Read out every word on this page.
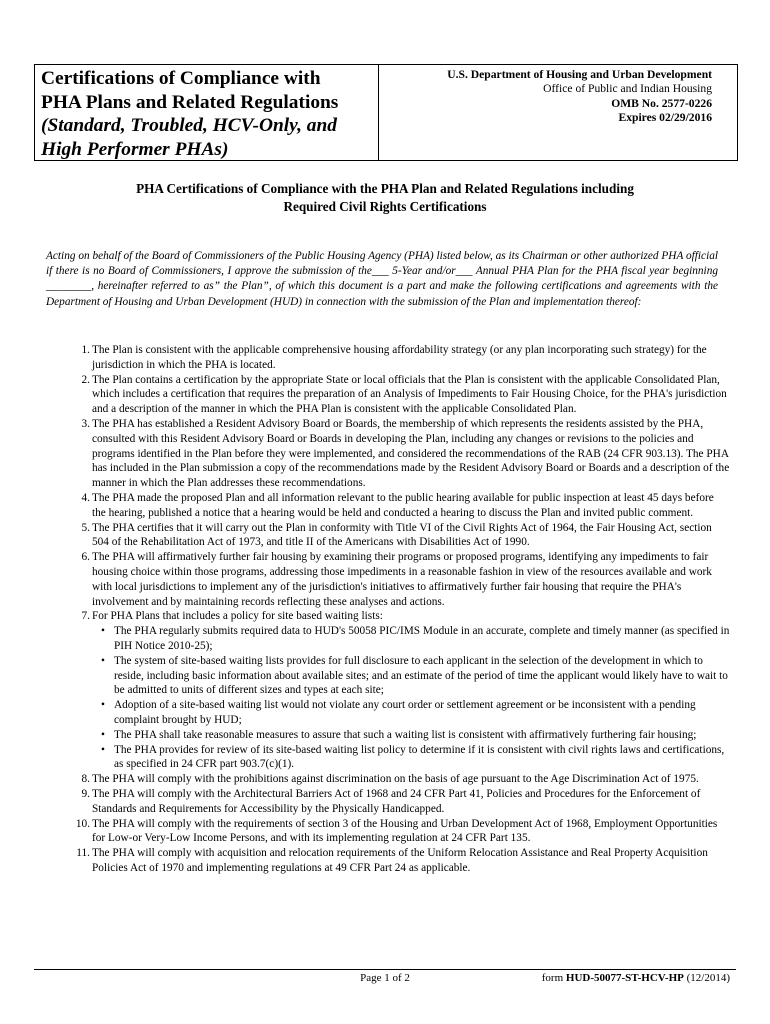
Certifications of Compliance with
PHA Plans and Related Regulations
(Standard, Troubled, HCV-Only, and
High Performer PHAs)
U.S. Department of Housing and Urban Development
Office of Public and Indian Housing
OMB No. 2577-0226
Expires 02/29/2016
PHA Certifications of Compliance with the PHA Plan and Related Regulations including
Required Civil Rights Certifications
Acting on behalf of the Board of Commissioners of the Public Housing Agency (PHA) listed below, as its Chairman or other authorized PHA official if there is no Board of Commissioners, I approve the submission of the___ 5-Year and/or___ Annual PHA Plan for the PHA fiscal year beginning ________, hereinafter referred to as” the Plan”, of which this document is a part and make the following certifications and agreements with the Department of Housing and Urban Development (HUD) in connection with the submission of the Plan and implementation thereof:
1. The Plan is consistent with the applicable comprehensive housing affordability strategy (or any plan incorporating such strategy) for the jurisdiction in which the PHA is located.
2. The Plan contains a certification by the appropriate State or local officials that the Plan is consistent with the applicable Consolidated Plan, which includes a certification that requires the preparation of an Analysis of Impediments to Fair Housing Choice, for the PHA's jurisdiction and a description of the manner in which the PHA Plan is consistent with the applicable Consolidated Plan.
3. The PHA has established a Resident Advisory Board or Boards, the membership of which represents the residents assisted by the PHA, consulted with this Resident Advisory Board or Boards in developing the Plan, including any changes or revisions to the policies and programs identified in the Plan before they were implemented, and considered the recommendations of the RAB (24 CFR 903.13). The PHA has included in the Plan submission a copy of the recommendations made by the Resident Advisory Board or Boards and a description of the manner in which the Plan addresses these recommendations.
4. The PHA made the proposed Plan and all information relevant to the public hearing available for public inspection at least 45 days before the hearing, published a notice that a hearing would be held and conducted a hearing to discuss the Plan and invited public comment.
5. The PHA certifies that it will carry out the Plan in conformity with Title VI of the Civil Rights Act of 1964, the Fair Housing Act, section 504 of the Rehabilitation Act of 1973, and title II of the Americans with Disabilities Act of 1990.
6. The PHA will affirmatively further fair housing by examining their programs or proposed programs, identifying any impediments to fair housing choice within those programs, addressing those impediments in a reasonable fashion in view of the resources available and work with local jurisdictions to implement any of the jurisdiction's initiatives to affirmatively further fair housing that require the PHA's involvement and by maintaining records reflecting these analyses and actions.
7. For PHA Plans that includes a policy for site based waiting lists:
• The PHA regularly submits required data to HUD's 50058 PIC/IMS Module in an accurate, complete and timely manner (as specified in PIH Notice 2010-25);
• The system of site-based waiting lists provides for full disclosure to each applicant in the selection of the development in which to reside, including basic information about available sites; and an estimate of the period of time the applicant would likely have to wait to be admitted to units of different sizes and types at each site;
• Adoption of a site-based waiting list would not violate any court order or settlement agreement or be inconsistent with a pending complaint brought by HUD;
• The PHA shall take reasonable measures to assure that such a waiting list is consistent with affirmatively furthering fair housing;
• The PHA provides for review of its site-based waiting list policy to determine if it is consistent with civil rights laws and certifications, as specified in 24 CFR part 903.7(c)(1).
8. The PHA will comply with the prohibitions against discrimination on the basis of age pursuant to the Age Discrimination Act of 1975.
9. The PHA will comply with the Architectural Barriers Act of 1968 and 24 CFR Part 41, Policies and Procedures for the Enforcement of Standards and Requirements for Accessibility by the Physically Handicapped.
10. The PHA will comply with the requirements of section 3 of the Housing and Urban Development Act of 1968, Employment Opportunities for Low-or Very-Low Income Persons, and with its implementing regulation at 24 CFR Part 135.
11. The PHA will comply with acquisition and relocation requirements of the Uniform Relocation Assistance and Real Property Acquisition Policies Act of 1970 and implementing regulations at 49 CFR Part 24 as applicable.
Page 1 of 2	form HUD-50077-ST-HCV-HP (12/2014)
